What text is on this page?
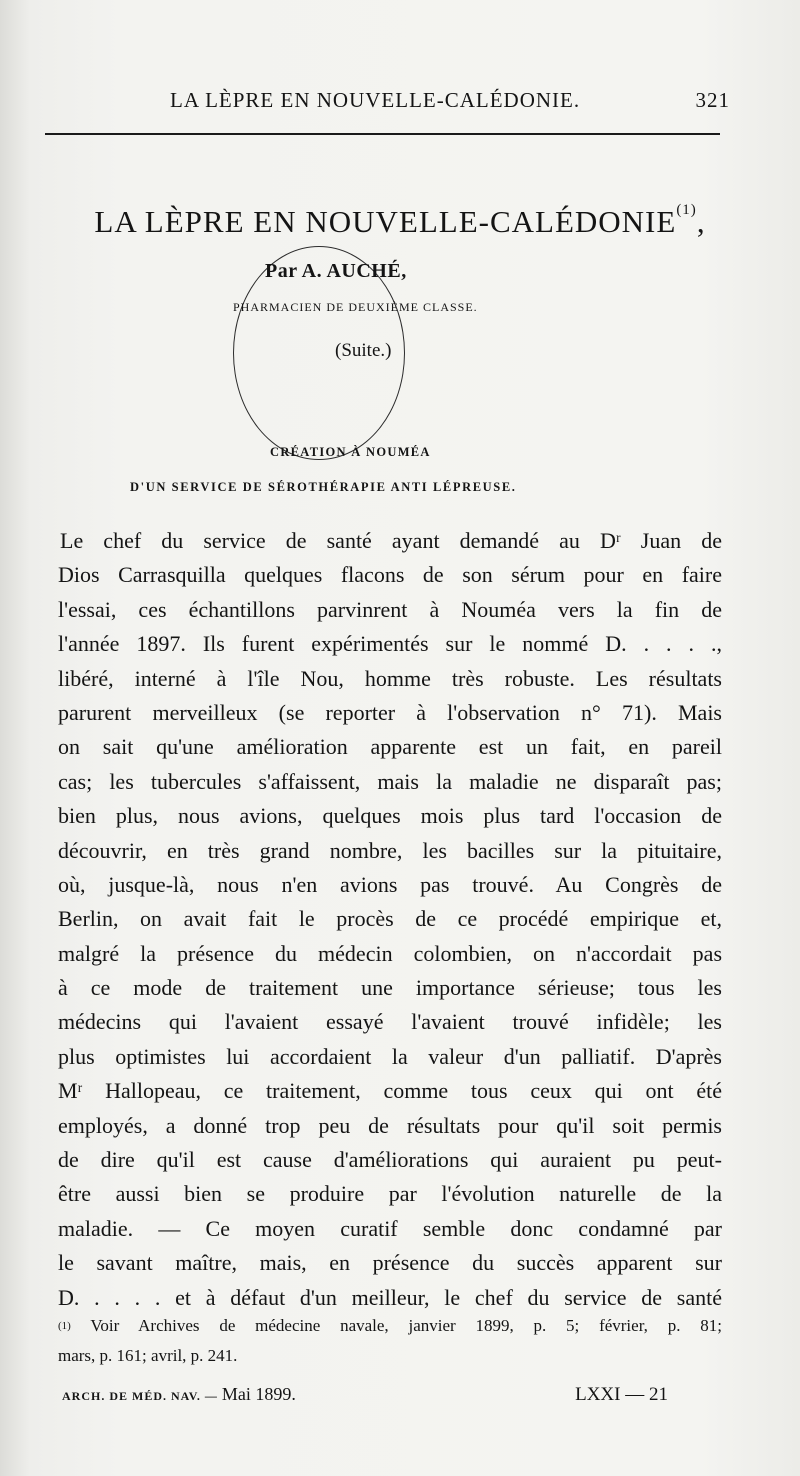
LA LÈPRE EN NOUVELLE-CALÉDONIE.	321
LA LÈPRE EN NOUVELLE-CALÉDONIE$^{(1)}$,
Par A. AUCHÉ,
PHARMACIEN DE DEUXIÈME CLASSE.
(Suite.)
CRÉATION À NOUMÉA
D'UN SERVICE DE SÉROTHÉRAPIE ANTI LÉPREUSE.
Le chef du service de santé ayant demandé au Dʳ Juan de
Dios Carrasquilla quelques flacons de son sérum pour en faire
l'essai, ces échantillons parvinrent à Nouméa vers la fin de
l'année 1897. Ils furent expérimentés sur le nommé D. . . . .,
libéré, interné à l'île Nou, homme très robuste. Les résultats
parurent merveilleux (se reporter à l'observation n° 71). Mais
on sait qu'une amélioration apparente est un fait, en pareil
cas; les tubercules s'affaissent, mais la maladie ne disparaît pas;
bien plus, nous avions, quelques mois plus tard l'occasion de
découvrir, en très grand nombre, les bacilles sur la pituitaire,
où, jusque-là, nous n'en avions pas trouvé. Au Congrès de
Berlin, on avait fait le procès de ce procédé empirique et,
malgré la présence du médecin colombien, on n'accordait pas
à ce mode de traitement une importance sérieuse; tous les
médecins qui l'avaient essayé l'avaient trouvé infidèle; les
plus optimistes lui accordaient la valeur d'un palliatif. D'après
Mʳ Hallopeau, ce traitement, comme tous ceux qui ont été
employés, a donné trop peu de résultats pour qu'il soit permis
de dire qu'il est cause d'améliorations qui auraient pu peut-
être aussi bien se produire par l'évolution naturelle de la
maladie. — Ce moyen curatif semble donc condamné par
le savant maître, mais, en présence du succès apparent sur
D. . . . . et à défaut d'un meilleur, le chef du service de santé
$^{(1)}$ Voir Archives de médecine navale, janvier 1899, p. 5; février, p. 81;
mars, p. 161; avril, p. 241.
ARCH. DE MÉD. NAV. — Mai 1899.	LXXI — 21
